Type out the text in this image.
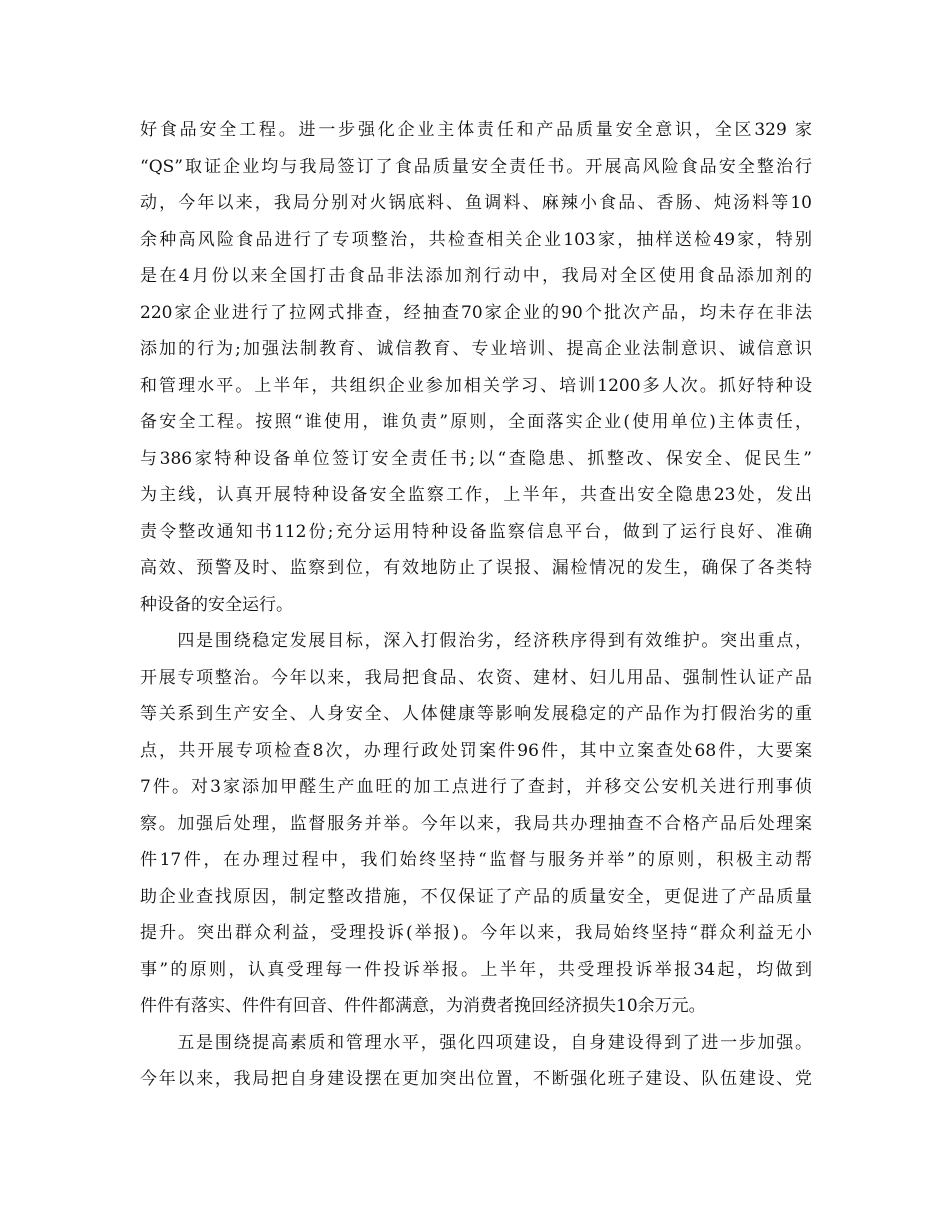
好食品安全工程。进一步强化企业主体责任和产品质量安全意识，全区329 家
“QS”取证企业均与我局签订了食品质量安全责任书。开展高风险食品安全整治行
动，今年以来，我局分别对火锅底料、鱼调料、麻辣小食品、香肠、炖汤料等10
余种高风险食品进行了专项整治，共检查相关企业103家，抽样送检49家，特别
是在4月份以来全国打击食品非法添加剂行动中，我局对全区使用食品添加剂的
220家企业进行了拉网式排查，经抽查70家企业的90个批次产品，均未存在非法
添加的行为;加强法制教育、诚信教育、专业培训、提高企业法制意识、诚信意识
和管理水平。上半年，共组织企业参加相关学习、培训1200多人次。抓好特种设
备安全工程。按照“谁使用，谁负责”原则，全面落实企业(使用单位)主体责任，
与386家特种设备单位签订安全责任书;以“查隐患、抓整改、保安全、促民生”
为主线，认真开展特种设备安全监察工作，上半年，共查出安全隐患23处，发出
责令整改通知书112份;充分运用特种设备监察信息平台，做到了运行良好、准确
高效、预警及时、监察到位，有效地防止了误报、漏检情况的发生，确保了各类特
种设备的安全运行。
　　四是围绕稳定发展目标，深入打假治劣，经济秩序得到有效维护。突出重点，
开展专项整治。今年以来，我局把食品、农资、建材、妇儿用品、强制性认证产品
等关系到生产安全、人身安全、人体健康等影响发展稳定的产品作为打假治劣的重
点，共开展专项检查8次，办理行政处罚案件96件，其中立案查处68件，大要案
7件。对3家添加甲醛生产血旺的加工点进行了查封，并移交公安机关进行刑事侦
察。加强后处理，监督服务并举。今年以来，我局共办理抽查不合格产品后处理案
件17件，在办理过程中，我们始终坚持“监督与服务并举”的原则，积极主动帮
助企业查找原因，制定整改措施，不仅保证了产品的质量安全，更促进了产品质量
提升。突出群众利益，受理投诉(举报)。今年以来，我局始终坚持“群众利益无小
事”的原则，认真受理每一件投诉举报。上半年，共受理投诉举报34起，均做到
件件有落实、件件有回音、件件都满意，为消费者挽回经济损失10余万元。
　　五是围绕提高素质和管理水平，强化四项建设，自身建设得到了进一步加强。
今年以来，我局把自身建设摆在更加突出位置，不断强化班子建设、队伍建设、党
